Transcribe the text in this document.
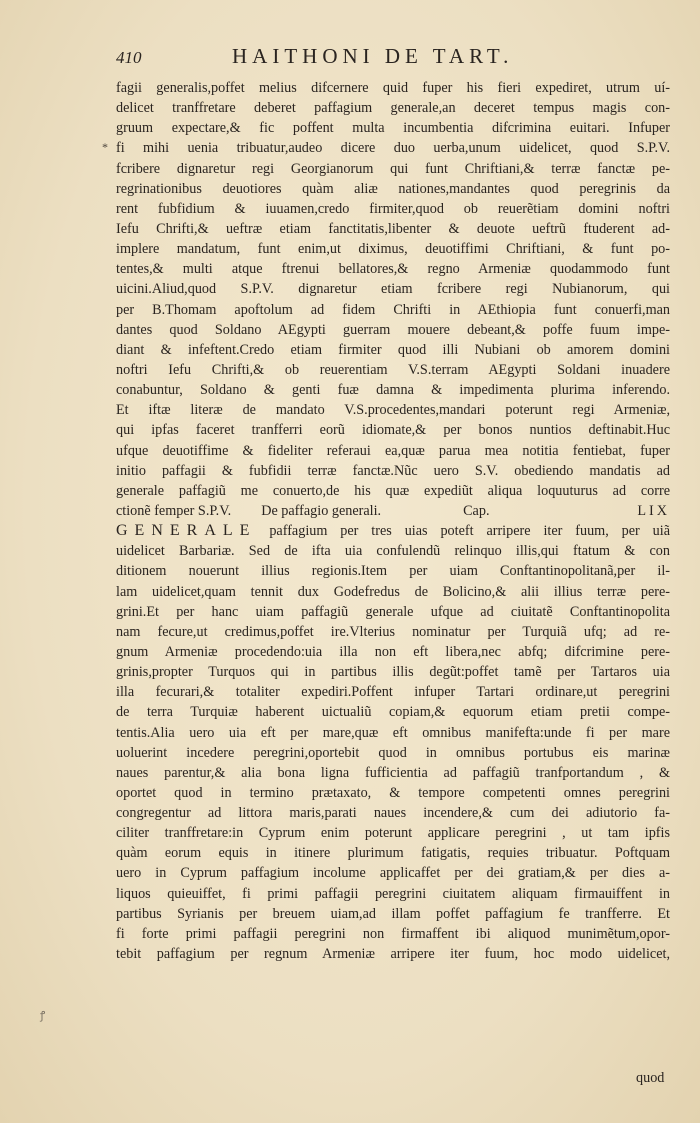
410	HAITHONI DE TART.
*
ꝭ
fagii generalis,poffet melius difcernere quid fuper his fieri expediret, utrum uí-
delicet tranffretare deberet paffagium generale,an deceret tempus magis con-
gruum expectare,& fic poffent multa incumbentia difcrimina euitari. Infuper
fi mihi uenia tribuatur,audeo dicere duo uerba,unum uidelicet, quod S.P.V.
fcribere dignaretur regi Georgianorum qui funt Chriftiani,& terræ fanctæ pe-
regrinationibus deuotiores quàm aliæ nationes,mandantes quod peregrinis da
rent fubfidium & iuuamen,credo firmiter,quod ob reuerẽtiam domini noftri
Iefu Chrifti,& ueftræ etiam fanctitatis,libenter & deuote ueftrũ ftuderent ad-
implere mandatum, funt enim,ut diximus, deuotiffimi Chriftiani, & funt po-
tentes,& multi atque ftrenui bellatores,& regno Armeniæ quodammodo funt
uicini.Aliud,quod S.P.V. dignaretur etiam fcribere regi Nubianorum, qui
per B.Thomam apoftolum ad fidem Chrifti in AEthiopia funt conuerfi,man
dantes quod Soldano AEgypti guerram mouere debeant,& poffe fuum impe-
diant & infeftent.Credo etiam firmiter quod illi Nubiani ob amorem domini
noftri Iefu Chrifti,& ob reuerentiam V.S.terram AEgypti Soldani inuadere
conabuntur, Soldano & genti fuæ damna & impedimenta plurima inferendo.
Et iftæ literæ de mandato V.S.procedentes,mandari poterunt regi Armeniæ,
qui ipfas faceret tranfferri eorũ idiomate,& per bonos nuntios deftinabit.Huc
ufque deuotiffime & fideliter referaui ea,quæ parua mea notitia fentiebat, fuper
initio paffagii & fubfidii terræ fanctæ.Nũc uero S.V. obediendo mandatis ad
generale paffagiũ me conuerto,de his quæ expediũt aliqua loquuturus ad corre
ctionẽ femper S.P.V. De paffagio generali.	Cap.	LIX
GENERALE paffagium per tres uias poteft arripere iter fuum, per uiã
uidelicet Barbariæ. Sed de ifta uia confulendũ relinquo illis,qui ftatum & con
ditionem nouerunt illius regionis.Item per uiam Conftantinopolitanã,per il-
lam uidelicet,quam tennit dux Godefredus de Bolicino,& alii illius terræ pere-
grini.Et per hanc uiam paffagiũ generale ufque ad ciuitatẽ Conftantinopolita
nam fecure,ut credimus,poffet ire.Vlterius nominatur per Turquiã ufq; ad re-
gnum Armeniæ procedendo:uia illa non eft libera,nec abfq; difcrimine pere-
grinis,propter Turquos qui in partibus illis degũt:poffet tamẽ per Tartaros uia
illa fecurari,& totaliter expediri.Poffent infuper Tartari ordinare,ut peregrini
de terra Turquiæ haberent uictualiũ copiam,& equorum etiam pretii compe-
tentis.Alia uero uia eft per mare,quæ eft omnibus manifefta:unde fi per mare
uoluerint incedere peregrini,oportebit quod in omnibus portubus eis marinæ
naues parentur,& alia bona ligna fufficientia ad paffagiũ tranfportandum , &
oportet quod in termino prætaxato, & tempore competenti omnes peregrini
congregentur ad littora maris,parati naues incendere,& cum dei adiutorio fa-
ciliter tranffretare:in Cyprum enim poterunt applicare peregrini , ut tam ipfis
quàm eorum equis in itinere plurimum fatigatis, requies tribuatur. Poftquam
uero in Cyprum paffagium incolume applicaffet per dei gratiam,& per dies a-
liquos quieuiffet, fi primi paffagii peregrini ciuitatem aliquam firmauiffent in
partibus Syrianis per breuem uiam,ad illam poffet paffagium fe tranfferre. Et
fi forte primi paffagii peregrini non firmaffent ibi aliquod munimẽtum,opor-
tebit paffagium per regnum Armeniæ arripere iter fuum, hoc modo uidelicet,
quod
